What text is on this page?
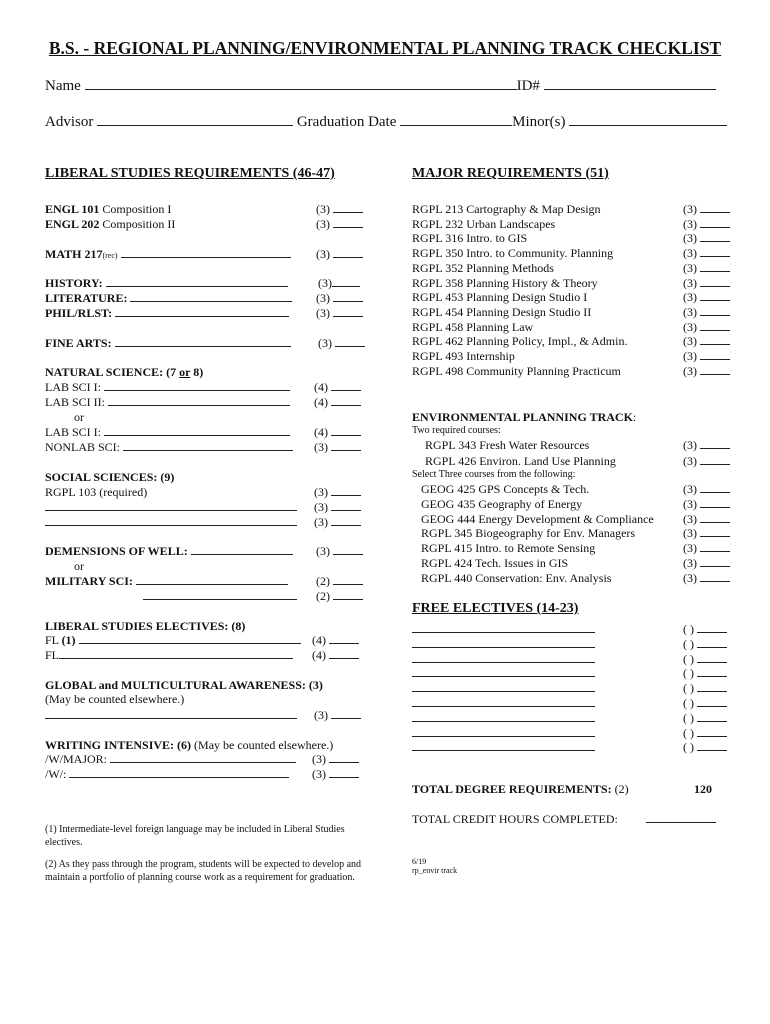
B.S. - REGIONAL PLANNING/ENVIRONMENTAL PLANNING TRACK CHECKLIST
Name	ID#
Advisor	Graduation Date	Minor(s)
LIBERAL STUDIES REQUIREMENTS (46-47)
ENGL 101 Composition I	(3)
ENGL 202 Composition II	(3)
MATH 217(rec)	(3)
HISTORY:	(3)
LITERATURE:	(3)
PHIL/RLST:	(3)
FINE ARTS:	(3)
NATURAL SCIENCE: (7 or 8)
LAB SCI I:	(4)
LAB SCI II:	(4)
or
LAB SCI I:	(4)
NONLAB SCI:	(3)
SOCIAL SCIENCES: (9)
RGPL 103 (required)	(3)
(3)
(3)
DEMENSIONS OF WELL:	(3)
or
MILITARY SCI:	(2)
(2)
LIBERAL STUDIES ELECTIVES: (8)
FL (1)	(4)
FL	(4)
GLOBAL and MULTICULTURAL AWARENESS: (3)
(May be counted elsewhere.)
(3)
WRITING INTENSIVE: (6) (May be counted elsewhere.)
/W/MAJOR:	(3)
/W/:	(3)
(1) Intermediate-level foreign language may be included in Liberal Studies electives.
(2) As they pass through the program, students will be expected to develop and maintain a portfolio of planning course work as a requirement for graduation.
MAJOR REQUIREMENTS (51)
RGPL 213 Cartography & Map Design	(3)
RGPL 232 Urban Landscapes	(3)
RGPL 316 Intro. to GIS	(3)
RGPL 350 Intro. to Community. Planning	(3)
RGPL 352 Planning Methods	(3)
RGPL 358 Planning History & Theory	(3)
RGPL 453 Planning Design Studio I	(3)
RGPL 454 Planning Design Studio II	(3)
RGPL 458 Planning Law	(3)
RGPL 462 Planning Policy, Impl., & Admin.	(3)
RGPL 493 Internship	(3)
RGPL 498 Community Planning Practicum	(3)
ENVIRONMENTAL PLANNING TRACK:
Two required courses:
RGPL 343 Fresh Water Resources	(3)
RGPL 426 Environ. Land Use Planning	(3)
Select Three courses from the following:
GEOG 425 GPS Concepts & Tech.	(3)
GEOG 435 Geography of Energy	(3)
GEOG 444 Energy Development & Compliance (3)
RGPL 345 Biogeography for Env. Managers	(3)
RGPL 415 Intro. to Remote Sensing	(3)
RGPL 424 Tech. Issues in GIS	(3)
RGPL 440 Conservation: Env. Analysis	(3)
FREE ELECTIVES (14-23)
( )
( )
( )
( )
( )
( )
( )
( )
( )
TOTAL DEGREE REQUIREMENTS: (2)	120
TOTAL CREDIT HOURS COMPLETED:
6/19
rp_envir track
